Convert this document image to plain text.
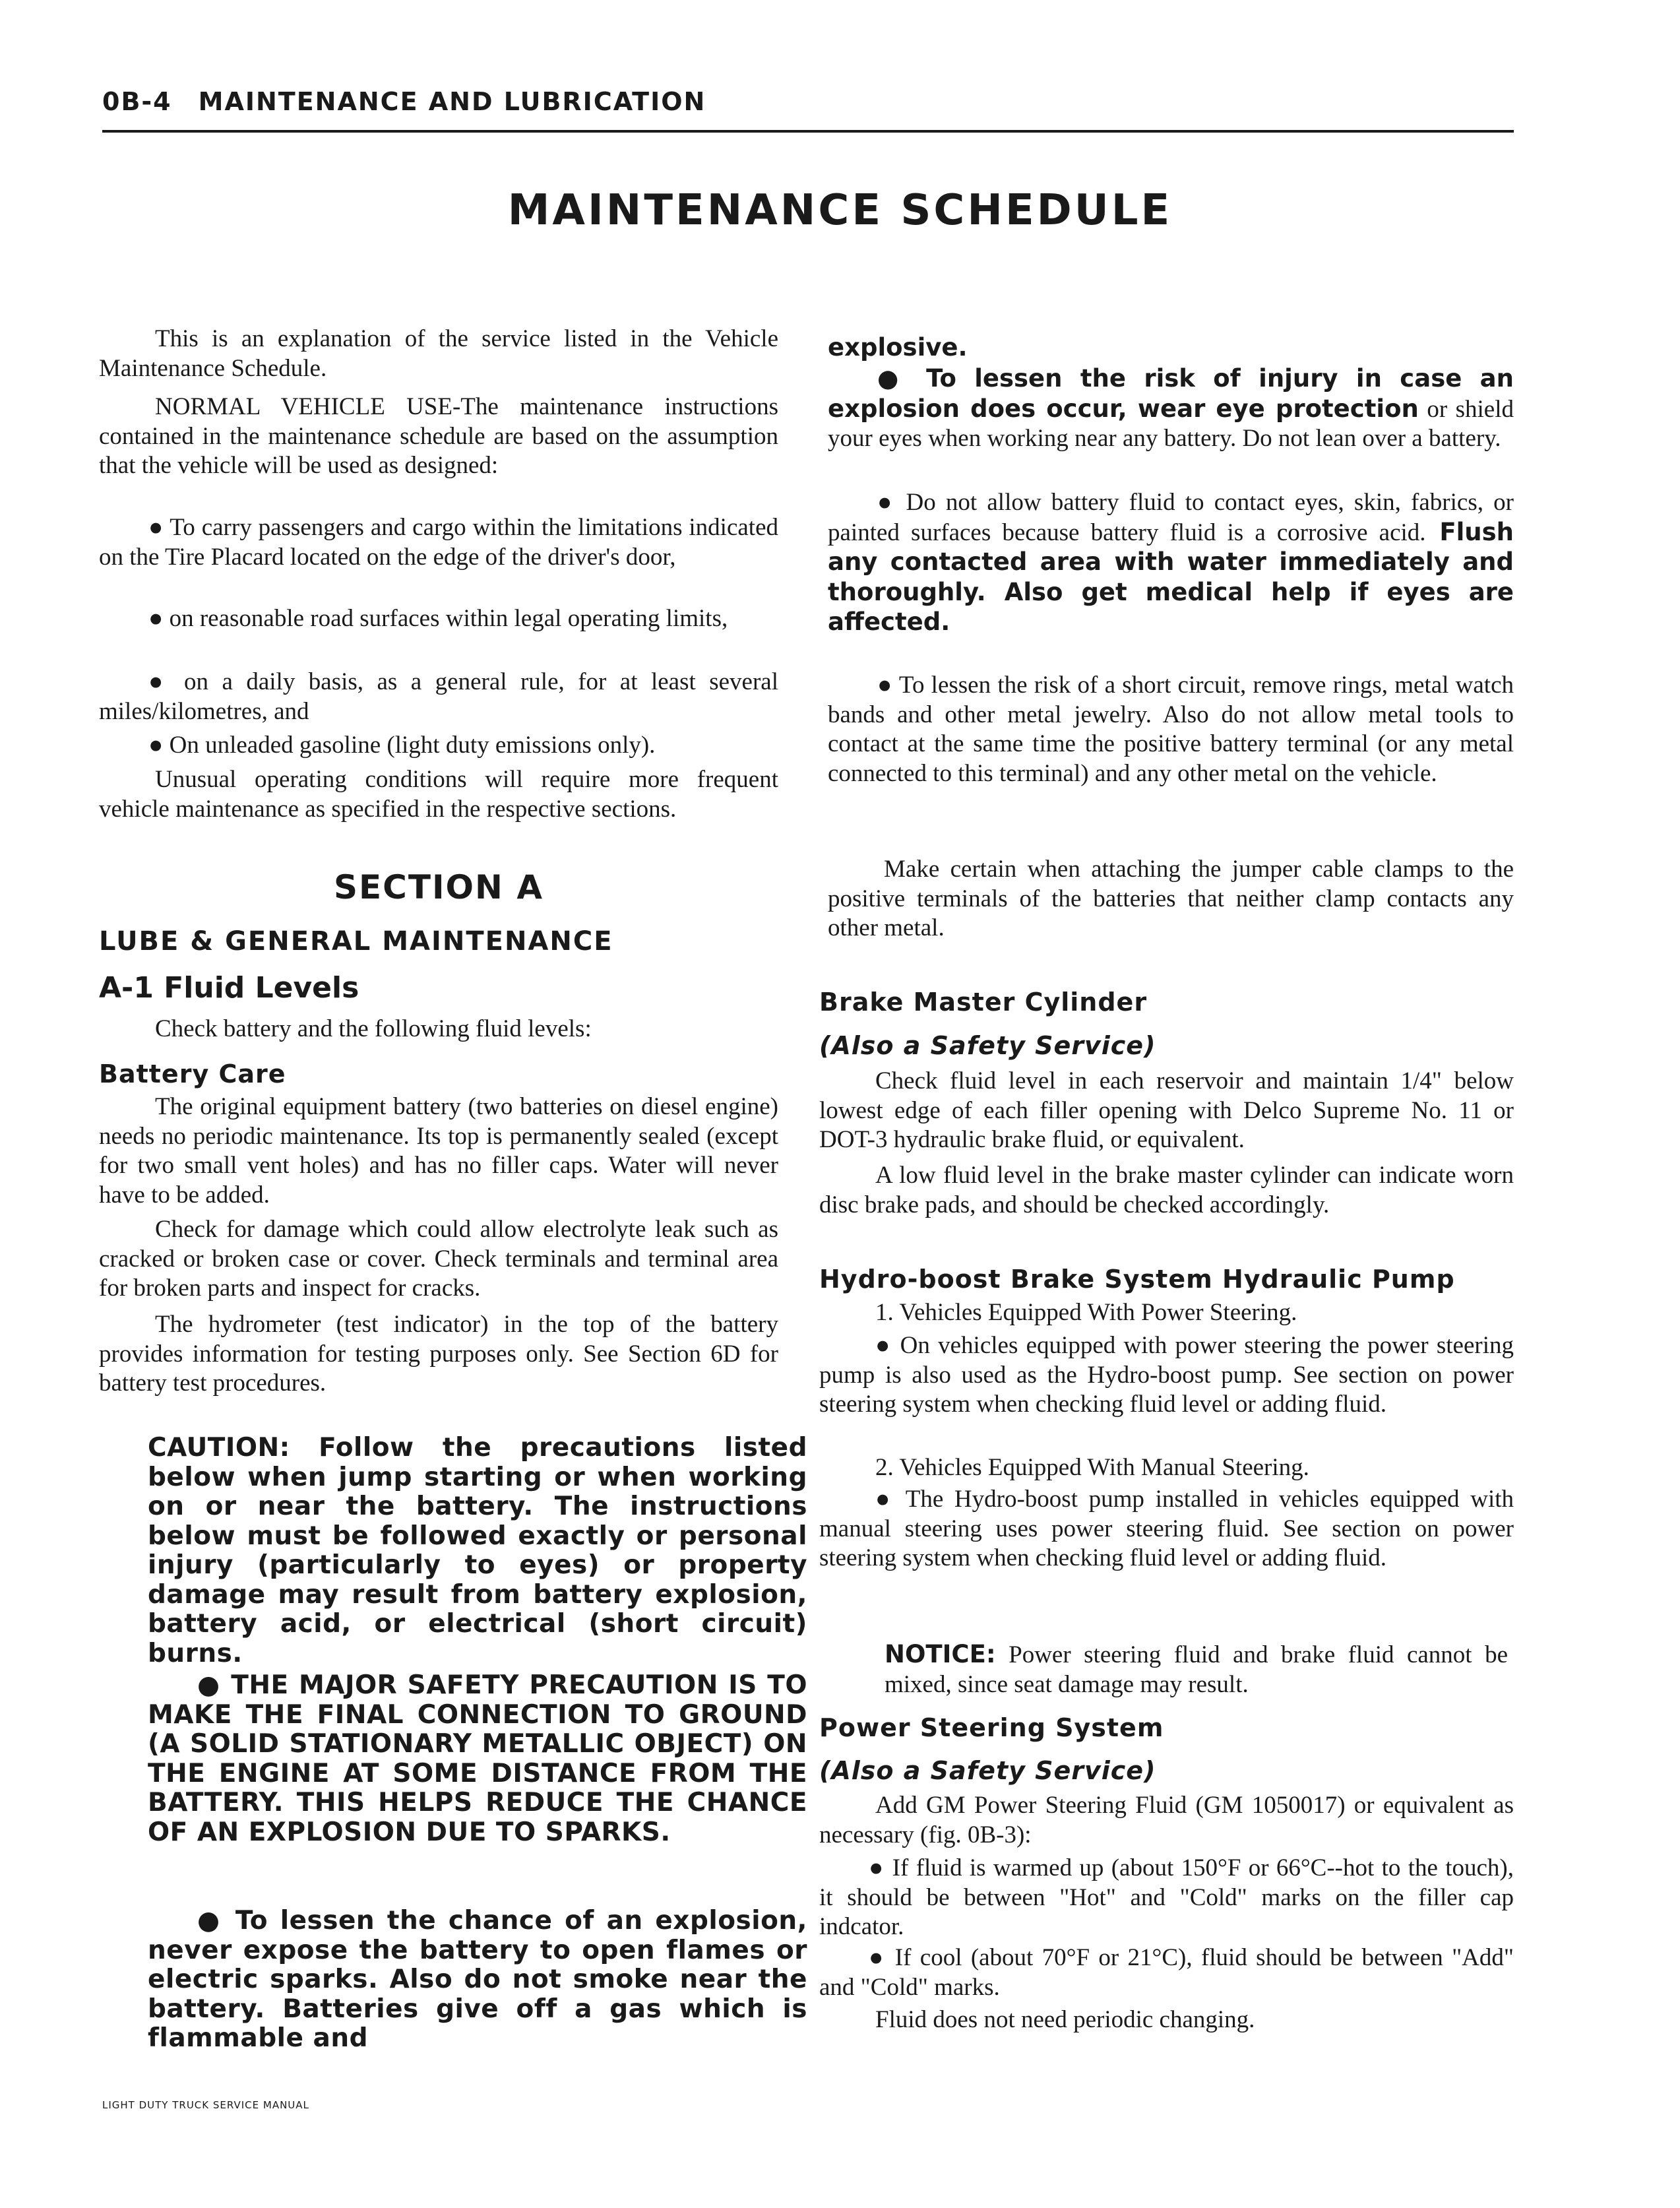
0B-4 MAINTENANCE AND LUBRICATION
MAINTENANCE SCHEDULE

This is an explanation of the service listed in the Vehicle Maintenance Schedule.

NORMAL VEHICLE USE-The maintenance instructions contained in the maintenance schedule are based on the assumption that the vehicle will be used as designed:

● To carry passengers and cargo within the limitations indicated on the Tire Placard located on the edge of the driver's door,

● on reasonable road surfaces within legal operating limits,

● on a daily basis, as a general rule, for at least several miles/kilometres, and

● On unleaded gasoline (light duty emissions only).

Unusual operating conditions will require more frequent vehicle maintenance as specified in the respective sections.

SECTION A
LUBE & GENERAL MAINTENANCE
A-1 Fluid Levels

Check battery and the following fluid levels:

Battery Care

The original equipment battery (two batteries on diesel engine) needs no periodic maintenance. Its top is permanently sealed (except for two small vent holes) and has no filler caps. Water will never have to be added.

Check for damage which could allow electrolyte leak such as cracked or broken case or cover. Check terminals and terminal area for broken parts and inspect for cracks.

The hydrometer (test indicator) in the top of the battery provides information for testing purposes only. See Section 6D for battery test procedures.

CAUTION: Follow the precautions listed below when jump starting or when working on or near the battery. The instructions below must be followed exactly or personal injury (particularly to eyes) or property damage may result from battery explosion, battery acid, or electrical (short circuit) burns.

● THE MAJOR SAFETY PRECAUTION IS TO MAKE THE FINAL CONNECTION TO GROUND (A SOLID STATIONARY METALLIC OBJECT) ON THE ENGINE AT SOME DISTANCE FROM THE BATTERY. THIS HELPS REDUCE THE CHANCE OF AN EXPLOSION DUE TO SPARKS.

● To lessen the chance of an explosion, never expose the battery to open flames or electric sparks. Also do not smoke near the battery. Batteries give off a gas which is flammable and

explosive.

● To lessen the risk of injury in case an explosion does occur, wear eye protection or shield your eyes when working near any battery. Do not lean over a battery.

● Do not allow battery fluid to contact eyes, skin, fabrics, or painted surfaces because battery fluid is a corrosive acid. Flush any contacted area with water immediately and thoroughly. Also get medical help if eyes are affected.

● To lessen the risk of a short circuit, remove rings, metal watch bands and other metal jewelry. Also do not allow metal tools to contact at the same time the positive battery terminal (or any metal connected to this terminal) and any other metal on the vehicle.

Make certain when attaching the jumper cable clamps to the positive terminals of the batteries that neither clamp contacts any other metal.

Brake Master Cylinder
(Also a Safety Service)

Check fluid level in each reservoir and maintain 1/4" below lowest edge of each filler opening with Delco Supreme No. 11 or DOT-3 hydraulic brake fluid, or equivalent.

A low fluid level in the brake master cylinder can indicate worn disc brake pads, and should be checked accordingly.

Hydro-boost Brake System Hydraulic Pump

1. Vehicles Equipped With Power Steering.

● On vehicles equipped with power steering the power steering pump is also used as the Hydro-boost pump. See section on power steering system when checking fluid level or adding fluid.

2. Vehicles Equipped With Manual Steering.

● The Hydro-boost pump installed in vehicles equipped with manual steering uses power steering fluid. See section on power steering system when checking fluid level or adding fluid.

NOTICE: Power steering fluid and brake fluid cannot be mixed, since seat damage may result.

Power Steering System
(Also a Safety Service)

Add GM Power Steering Fluid (GM 1050017) or equivalent as necessary (fig. 0B-3):

● If fluid is warmed up (about 150°F or 66°C--hot to the touch), it should be between "Hot" and "Cold" marks on the filler cap indcator.

● If cool (about 70°F or 21°C), fluid should be between "Add" and "Cold" marks.

Fluid does not need periodic changing.

LIGHT DUTY TRUCK SERVICE MANUAL
